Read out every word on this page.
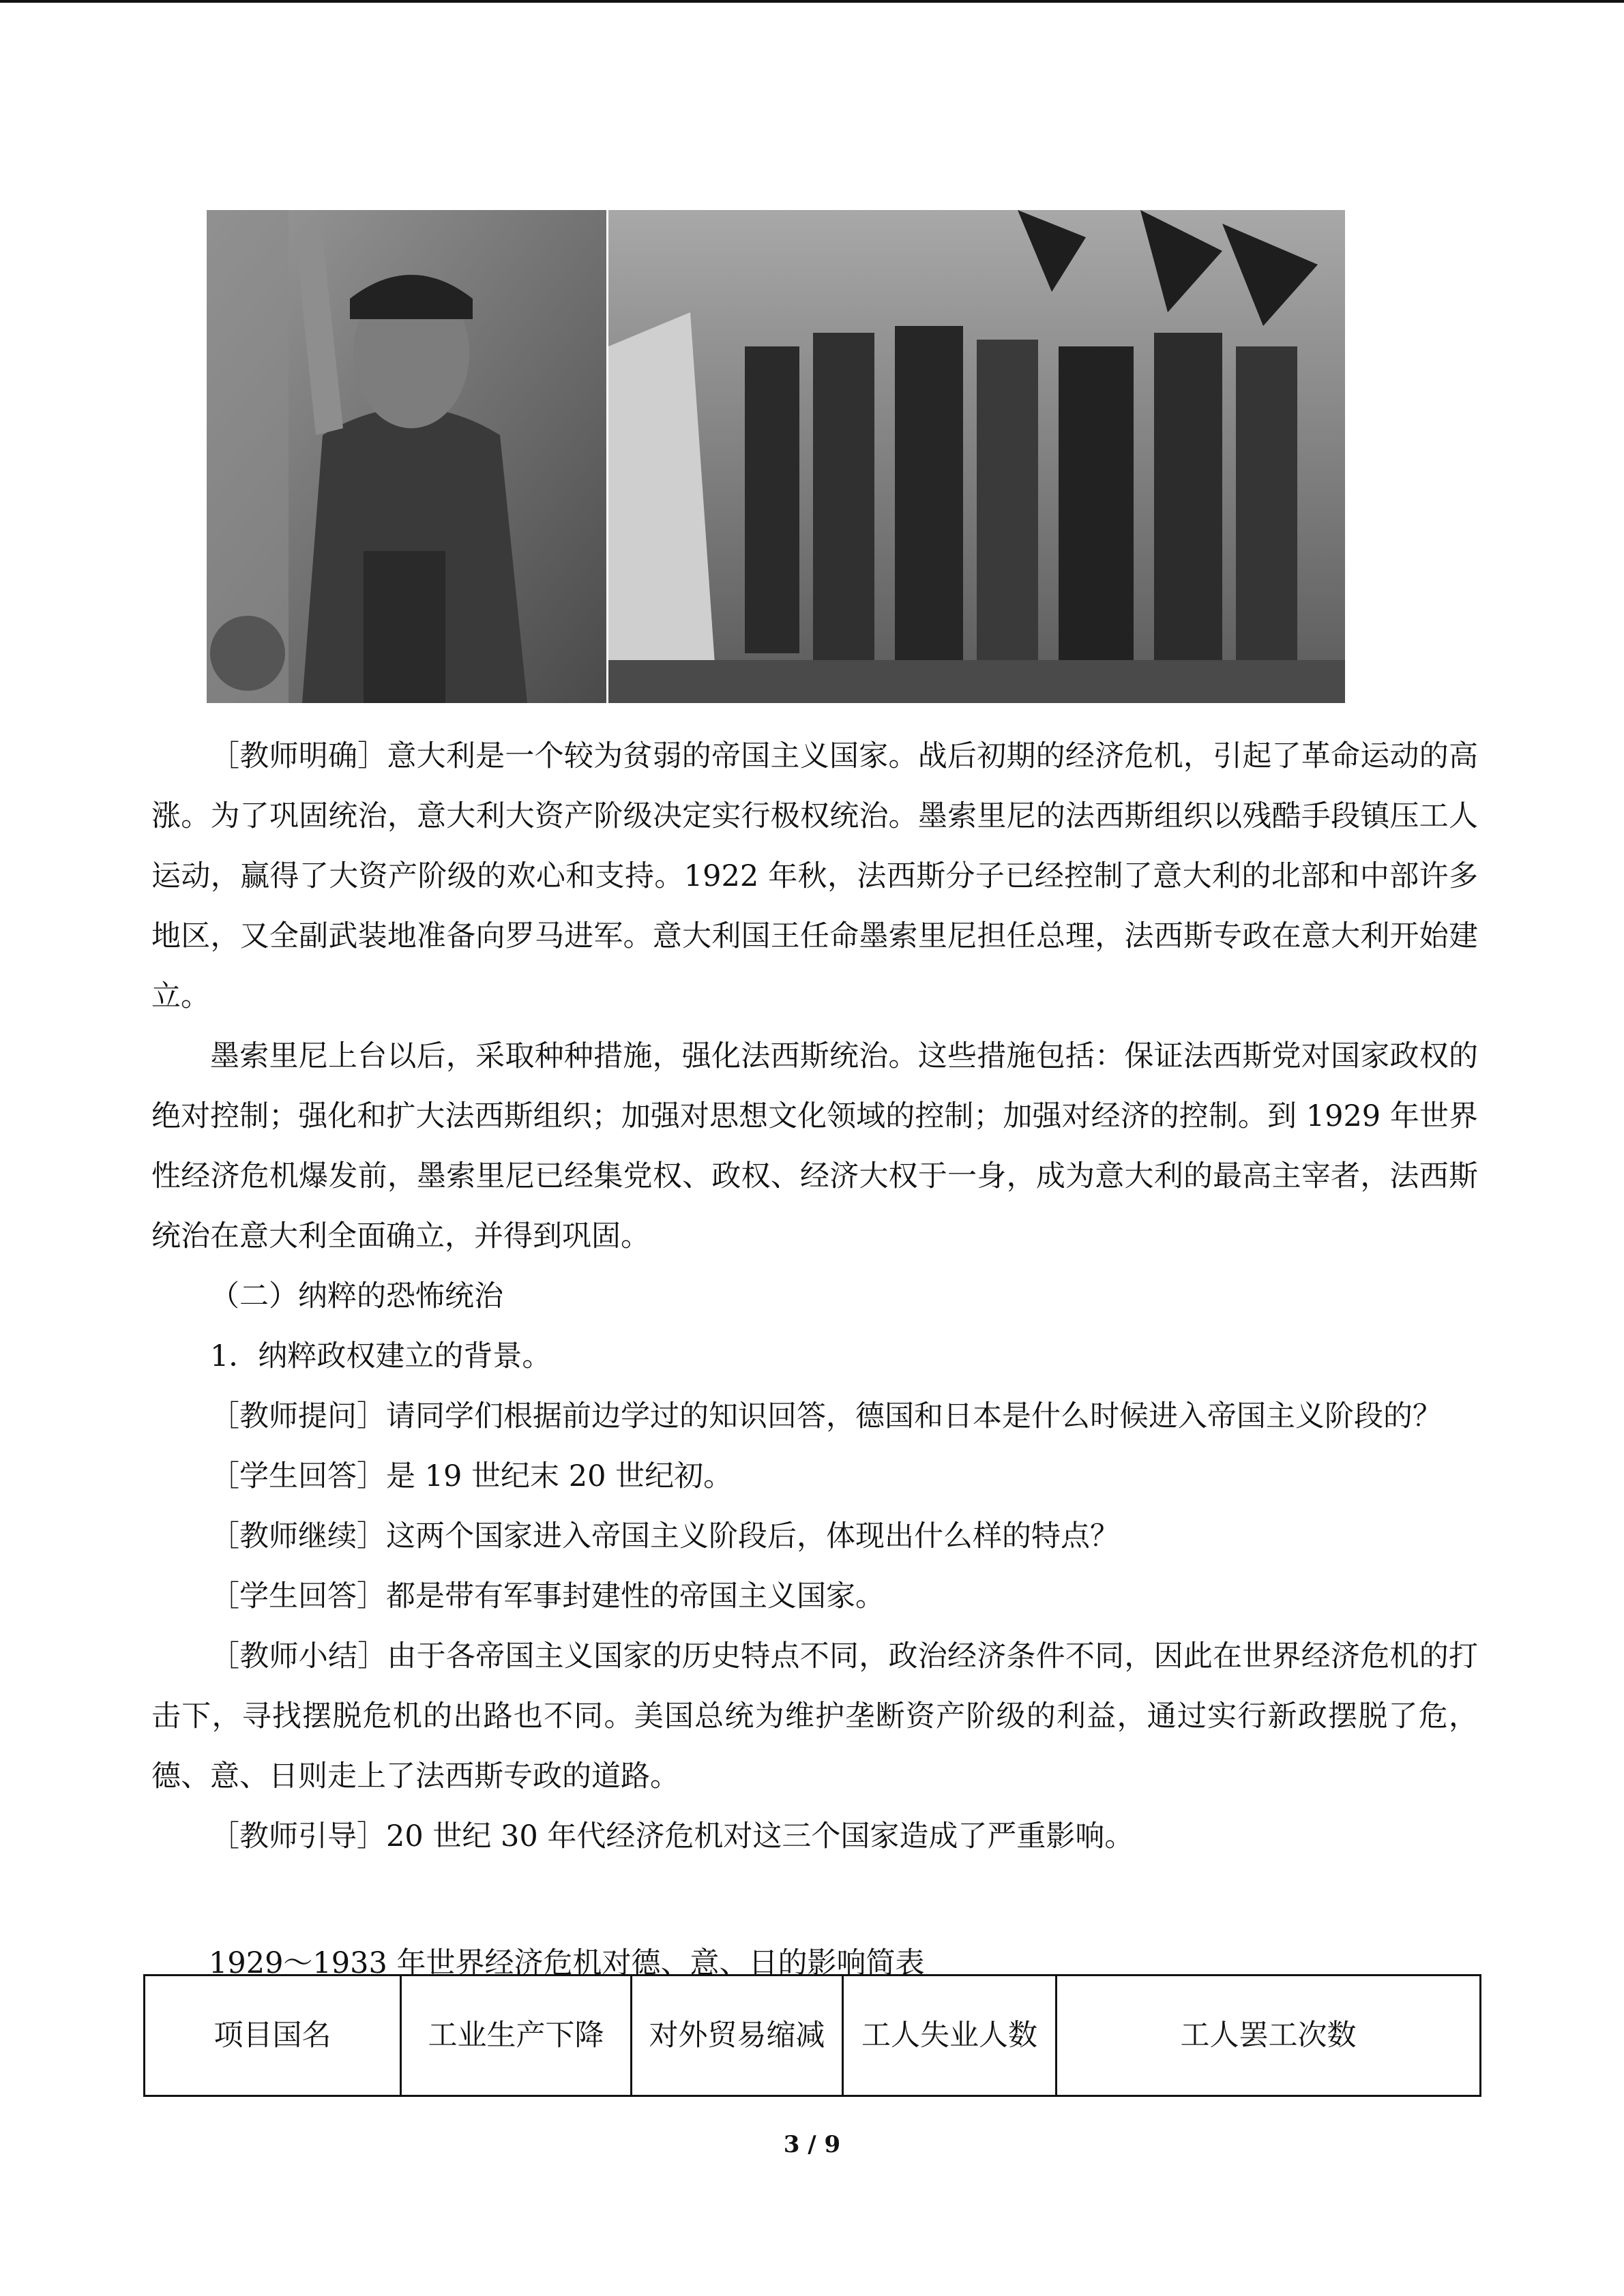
［教师明确］意大利是一个较为贫弱的帝国主义国家。战后初期的经济危机，引起了革命运动的高涨。为了巩固统治，意大利大资产阶级决定实行极权统治。墨索里尼的法西斯组织以残酷手段镇压工人运动，赢得了大资产阶级的欢心和支持。1922 年秋，法西斯分子已经控制了意大利的北部和中部许多地区，又全副武装地准备向罗马进军。意大利国王任命墨索里尼担任总理，法西斯专政在意大利开始建立。

墨索里尼上台以后，采取种种措施，强化法西斯统治。这些措施包括：保证法西斯党对国家政权的绝对控制；强化和扩大法西斯组织；加强对思想文化领域的控制；加强对经济的控制。到 1929 年世界性经济危机爆发前，墨索里尼已经集党权、政权、经济大权于一身，成为意大利的最高主宰者，法西斯统治在意大利全面确立，并得到巩固。

（二）纳粹的恐怖统治

1．纳粹政权建立的背景。

［教师提问］请同学们根据前边学过的知识回答，德国和日本是什么时候进入帝国主义阶段的？

［学生回答］是 19 世纪末 20 世纪初。

［教师继续］这两个国家进入帝国主义阶段后，体现出什么样的特点？

［学生回答］都是带有军事封建性的帝国主义国家。

［教师小结］由于各帝国主义国家的历史特点不同，政治经济条件不同，因此在世界经济危机的打击下，寻找摆脱危机的出路也不同。美国总统为维护垄断资产阶级的利益，通过实行新政摆脱了危，德、意、日则走上了法西斯专政的道路。

［教师引导］20 世纪 30 年代经济危机对这三个国家造成了严重影响。

1929～1933 年世界经济危机对德、意、日的影响简表
项目国名	工业生产下降	对外贸易缩减	工人失业人数	工人罢工次数
3 / 9
